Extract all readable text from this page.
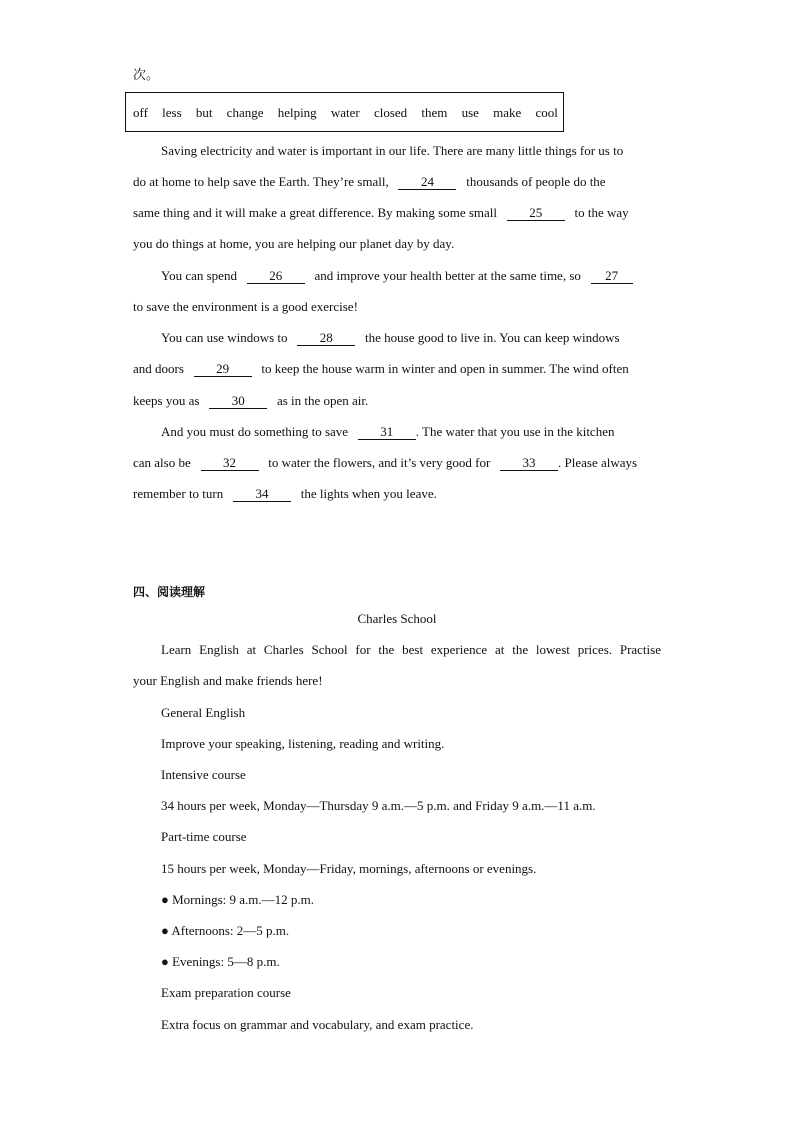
次。
off less but change helping water closed them use make cool
Saving electricity and water is important in our life. There are many little things for us to
do at home to help save the Earth. They’re small, 24 thousands of people do the
same thing and it will make a great difference. By making some small 25 to the way
you do things at home, you are helping our planet day by day.
You can spend 26 and improve your health better at the same time, so 27
to save the environment is a good exercise!
You can use windows to 28 the house good to live in. You can keep windows
and doors 29 to keep the house warm in winter and open in summer. The wind often
keeps you as 30 as in the open air.
And you must do something to save 31 . The water that you use in the kitchen
can also be 32 to water the flowers, and it’s very good for 33 . Please always
remember to turn 34 the lights when you leave.
四、阅读理解
Charles School
Learn English at Charles School for the best experience at the lowest prices. Practise
your English and make friends here!
General English
Improve your speaking, listening, reading and writing.
Intensive course
34 hours per week, Monday—Thursday 9 a.m.—5 p.m. and Friday 9 a.m.—11 a.m.
Part-time course
15 hours per week, Monday—Friday, mornings, afternoons or evenings.
● Mornings: 9 a.m.—12 p.m.
● Afternoons: 2—5 p.m.
● Evenings: 5—8 p.m.
Exam preparation course
Extra focus on grammar and vocabulary, and exam practice.
